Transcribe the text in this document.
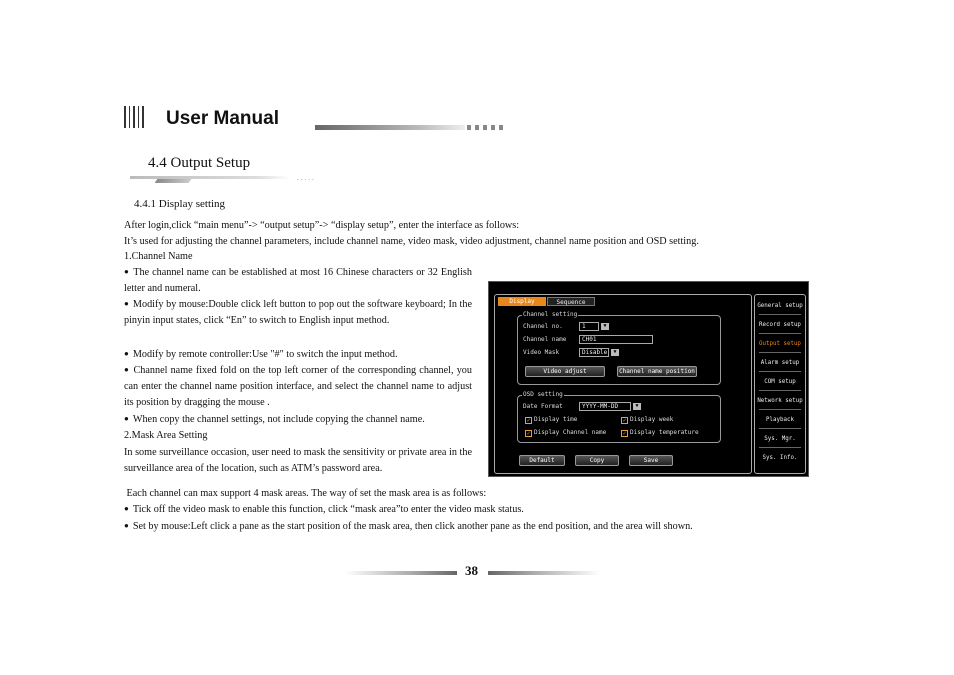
User Manual
4.4 Output Setup
.....
4.4.1 Display setting
After login,click “main menu”-> “output setup”-> “display setup”, enter the interface as follows:
It’s used for adjusting the channel parameters, include channel name, video mask, video adjustment, channel name position and OSD setting.
1.Channel Name
● The channel name can be established at most 16 Chinese characters or 32 English letter and numeral.
● Modify by mouse:Double click left button to pop out the software keyboard; In the pinyin input states, click “En” to switch to English input method.
● Modify by remote controller:Use "#" to switch the input method.
● Channel name fixed fold on the top left corner of the corresponding channel, you can enter the channel name position interface, and select the channel name to adjust its position by dragging the mouse .
● When copy the channel settings, not include copying the channel name.
2.Mask Area Setting
In some surveillance occasion, user need to mask the sensitivity or private area in the surveillance area of the location, such as ATM’s password area.
Each channel can max support 4 mask areas. The way of set the mask area is as follows:
● Tick off the video mask to enable this function, click “mask area”to enter the video mask status.
● Set by mouse:Left click a pane as the start position of the mask area, then click another pane as the end position, and the area will shown.
Display	Sequence
Channel setting
Channel no.	1	▼
Channel name	CH01
Video Mask	Disable	▼
Video adjust	Channel name position
OSD setting
Date Format	YYYY-MM-DD	▼
✓ Display time	✓ Display week
✓ Display Channel name	✓ Display temperature
Default	Copy	Save
General setup
Record setup
Output setup
Alarm setup
COM setup
Network setup
Playback
Sys. Mgr.
Sys. Info.
38
